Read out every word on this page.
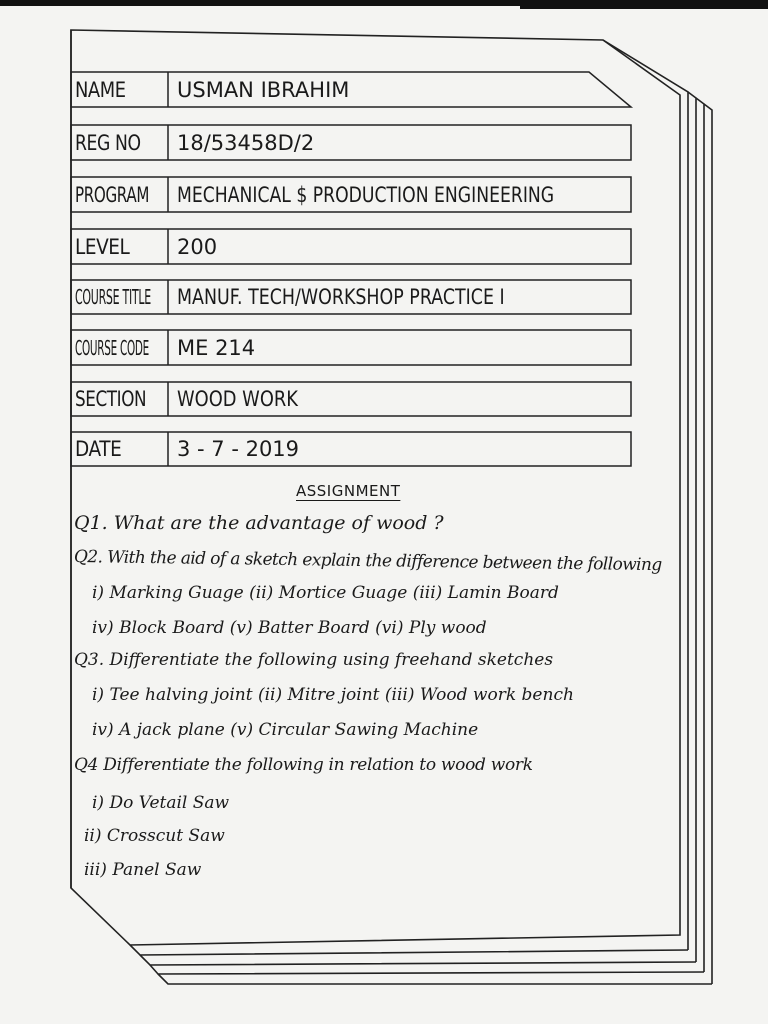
NAME USMAN IBRAHIM
REG NO 18/53458D/2
PROGRAM MECHANICAL $ PRODUCTION ENGINEERING
LEVEL 200
COURSE TITLE MANUF. TECH/WORKSHOP PRACTICE I
COURSE CODE ME 214
SECTION WOOD WORK
DATE	3 - 7 - 2019
ASSIGNMENT
Q1. What are the advantage of wood ?
Q2. With the aid of a sketch explain the difference between the following
i) Marking Guage (ii) Mortice Guage (iii) Lamin Board
iv) Block Board (v) Batter Board (vi) Ply wood
Q3. Differentiate the following using freehand sketches
i) Tee halving joint (ii) Mitre joint (iii) Wood work bench
iv) A jack plane (v) Circular Sawing Machine
Q4 Differentiate the following in relation to wood work
i) Do Vetail Saw
ii) Crosscut Saw
iii) Panel Saw
